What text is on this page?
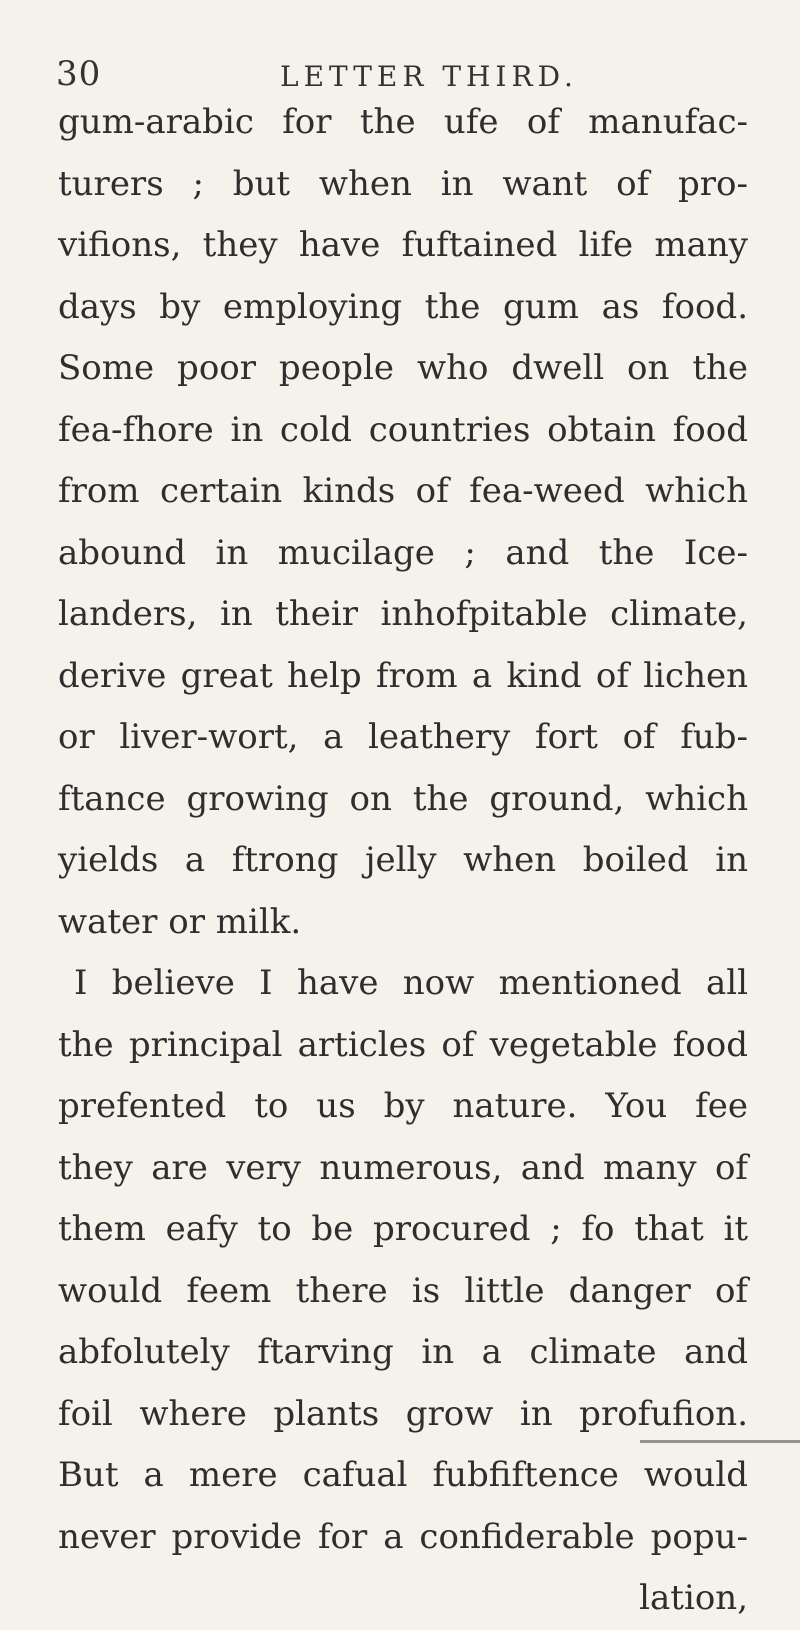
30	LETTER THIRD.
gum-arabic for the ufe of manufac-
turers ; but when in want of pro-
vifions, they have fuftained life many
days by employing the gum as food.
Some poor people who dwell on the
fea-fhore in cold countries obtain food
from certain kinds of fea-weed which
abound in mucilage ; and the Ice-
landers, in their inhofpitable climate,
derive great help from a kind of lichen
or liver-wort, a leathery fort of fub-
ftance growing on the ground, which
yields a ftrong jelly when boiled in
water or milk.
I believe I have now mentioned all
the principal articles of vegetable food
prefented to us by nature. You fee
they are very numerous, and many of
them eafy to be procured ; fo that it
would feem there is little danger of
abfolutely ftarving in a climate and
foil where plants grow in profufion.
But a mere cafual fubfiftence would
never provide for a confiderable popu-
lation,
